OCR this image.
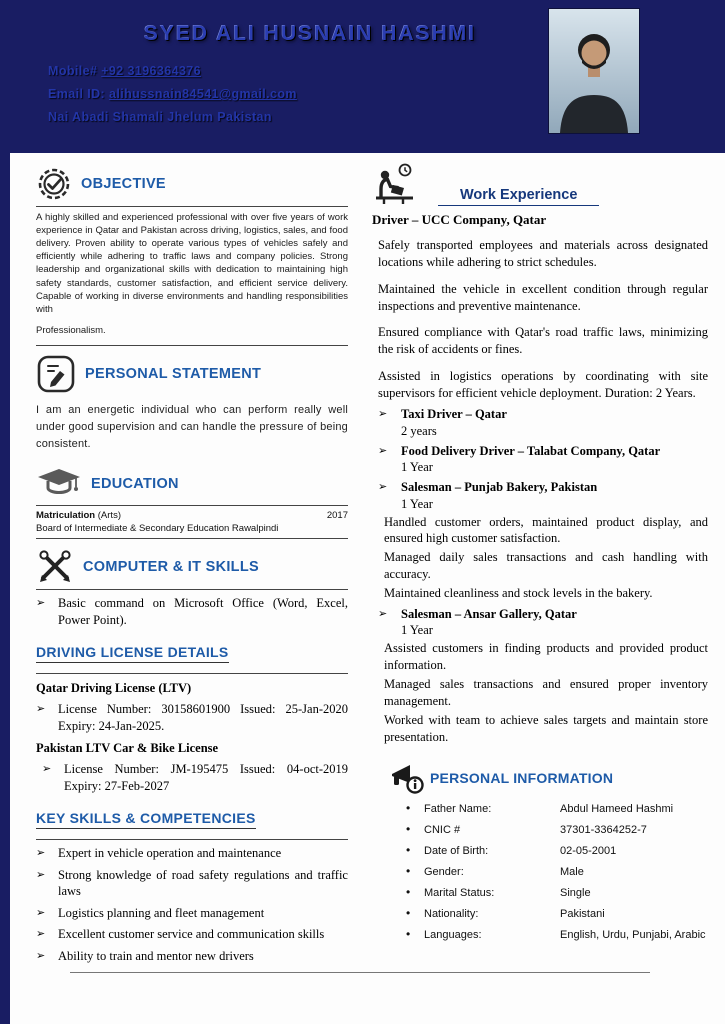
SYED ALI HUSNAIN HASHMI
Mobile# +92 3196364376
Email ID: alihussnain84541@gmail.com
Nai Abadi Shamali Jhelum Pakistan
OBJECTIVE

A highly skilled and experienced professional with over five years of work experience in Qatar and Pakistan across driving, logistics, sales, and food delivery. Proven ability to operate various types of vehicles safely and efficiently while adhering to traffic laws and company policies. Strong leadership and organizational skills with dedication to maintaining high safety standards, customer satisfaction, and efficient service delivery. Capable of working in diverse environments and handling responsibilities with

Professionalism.

PERSONAL STATEMENT

I am an energetic individual who can perform really well under good supervision and can handle the pressure of being consistent.

EDUCATION
Matriculation (Arts)	2017
Board of Intermediate & Secondary Education Rawalpindi
COMPUTER & IT SKILLS
➢	Basic command on Microsoft Office (Word, Excel, Power Point).
DRIVING LICENSE DETAILS
Qatar Driving License (LTV)
➢	License Number: 30158601900 Issued: 25-Jan-2020 Expiry: 24-Jan-2025.
Pakistan LTV Car & Bike License
➢	License Number: JM-195475 Issued: 04-oct-2019 Expiry: 27-Feb-2027
KEY SKILLS & COMPETENCIES
➢	Expert in vehicle operation and maintenance
➢	Strong knowledge of road safety regulations and traffic laws
➢	Logistics planning and fleet management
➢	Excellent customer service and communication skills
➢	Ability to train and mentor new drivers
Work Experience
Driver – UCC Company, Qatar

Safely transported employees and materials across designated locations while adhering to strict schedules.

Maintained the vehicle in excellent condition through regular inspections and preventive maintenance.

Ensured compliance with Qatar's road traffic laws, minimizing the risk of accidents or fines.

Assisted in logistics operations by coordinating with site supervisors for efficient vehicle deployment. Duration: 2 Years.

➢	Taxi Driver – Qatar
2 years
➢	Food Delivery Driver – Talabat Company, Qatar
1 Year
➢	Salesman – Punjab Bakery, Pakistan
1 Year
Handled customer orders, maintained product display, and ensured high customer satisfaction.
Managed daily sales transactions and cash handling with accuracy.
Maintained cleanliness and stock levels in the bakery.
➢	Salesman – Ansar Gallery, Qatar
1 Year
Assisted customers in finding products and provided product information.
Managed sales transactions and ensured proper inventory management.
Worked with team to achieve sales targets and maintain store presentation.
PERSONAL INFORMATION
•	Father Name:	Abdul Hameed Hashmi
•	CNIC #	37301-3364252-7
•	Date of Birth:	02-05-2001
•	Gender:	Male
•	Marital Status:	Single
•	Nationality:	Pakistani
•	Languages:	English, Urdu, Punjabi, Arabic
